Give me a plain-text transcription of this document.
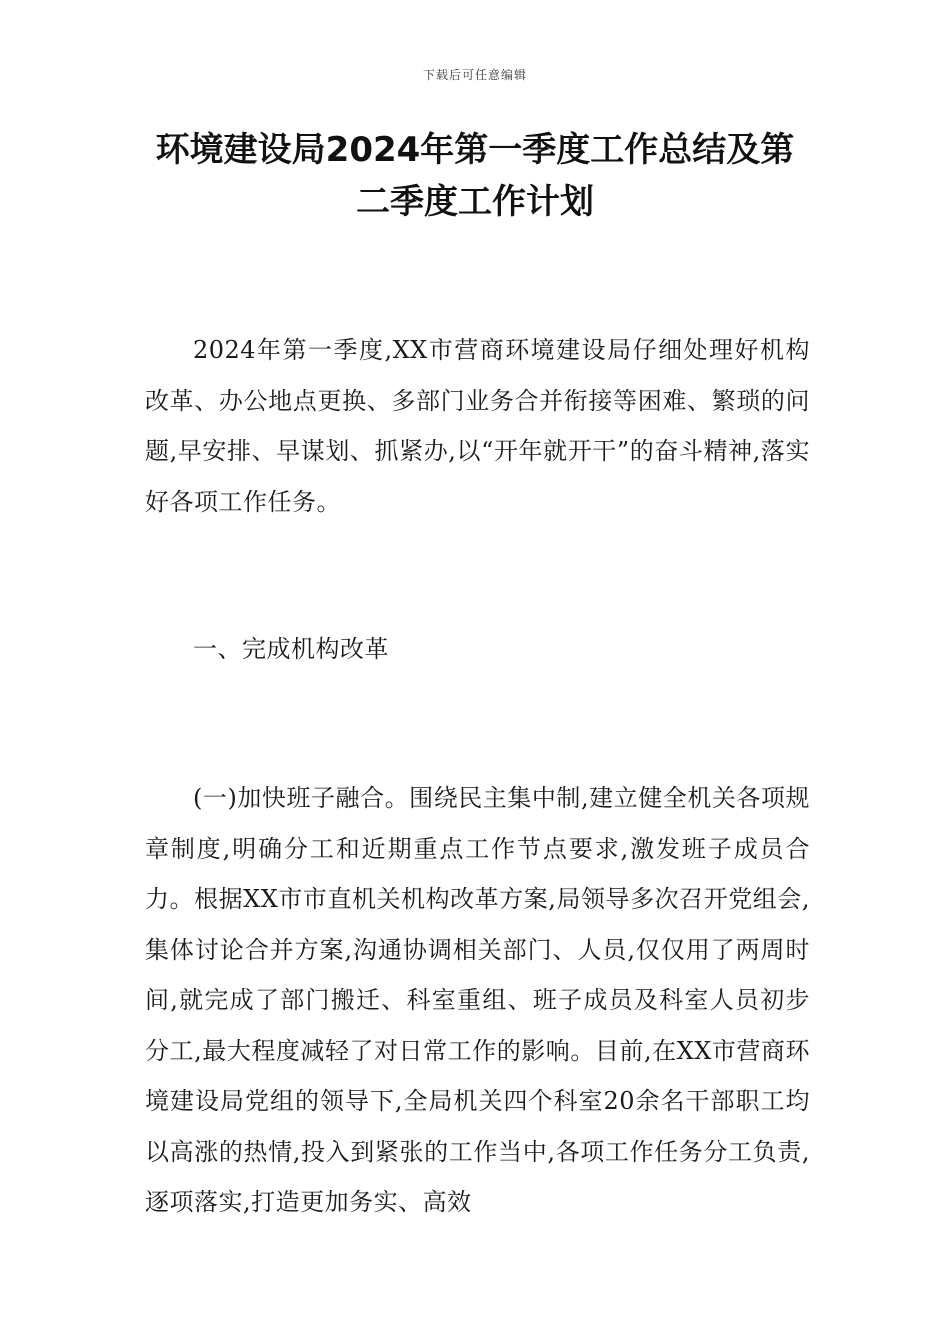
下载后可任意编辑
环境建设局2024年第一季度工作总结及第二季度工作计划

2024年第一季度,XX市营商环境建设局仔细处理好机构改革、办公地点更换、多部门业务合并衔接等困难、繁琐的问题,早安排、早谋划、抓紧办,以“开年就开干”的奋斗精神,落实好各项工作任务。

一、完成机构改革

(一)加快班子融合。围绕民主集中制,建立健全机关各项规章制度,明确分工和近期重点工作节点要求,激发班子成员合力。根据XX市市直机关机构改革方案,局领导多次召开党组会,集体讨论合并方案,沟通协调相关部门、人员,仅仅用了两周时间,就完成了部门搬迁、科室重组、班子成员及科室人员初步分工,最大程度减轻了对日常工作的影响。目前,在XX市营商环境建设局党组的领导下,全局机关四个科室20余名干部职工均以高涨的热情,投入到紧张的工作当中,各项工作任务分工负责,逐项落实,打造更加务实、高效
